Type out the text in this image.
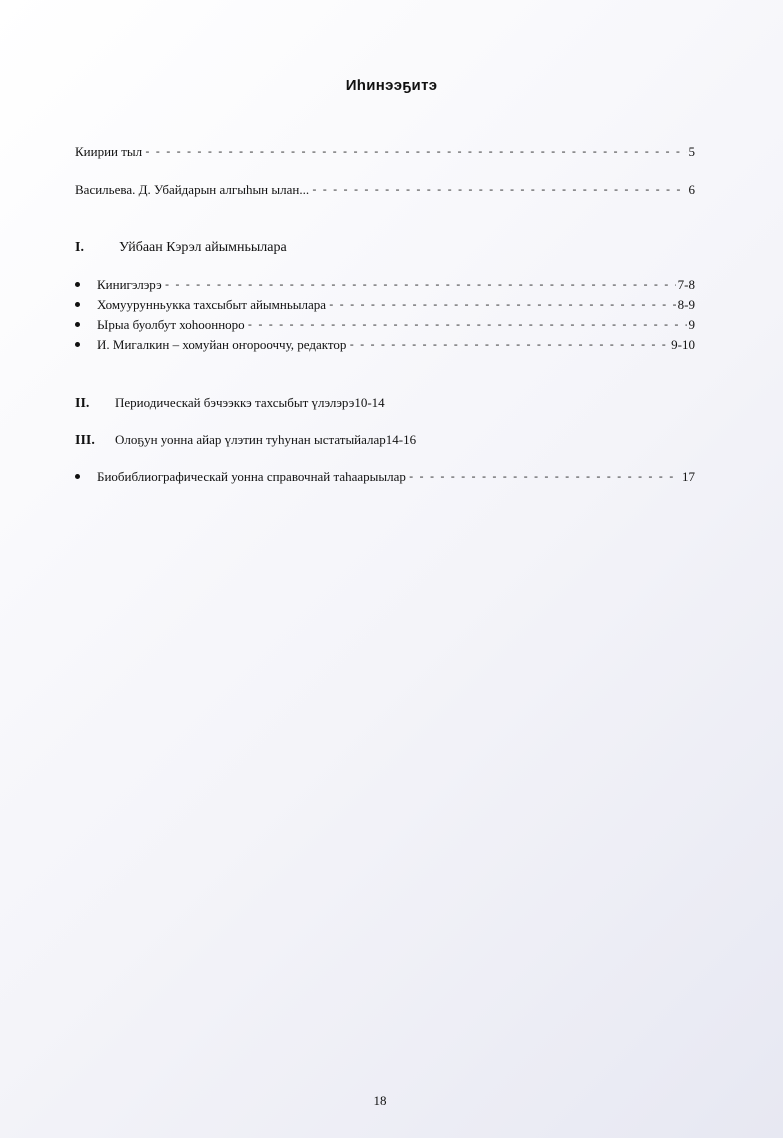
Иһинээҕитэ
Киирии тыл - - -	5
Васильева. Д. Убайдарын алгыһын ылан... - - -	6
I.	Уйбаан Кэрэл айымньылара
Кинигэлэрэ - - -	7-8
Хомуурунньукка тахсыбыт айымньылара - - -	8-9
Ырыа буолбут хоһоонноро - - -	9
И. Мигалкин – хомуйан оҥорооччу, редактор - - -	9-10
II.	Периодическай бэчээккэ тахсыбыт үлэлэрэ 10-14
III.	Олоҕун уонна айар үлэтин туһунан ыстатыйалар 14-16
Биобиблиографическай уонна справочнай таһаарыылар - - -	17
18
